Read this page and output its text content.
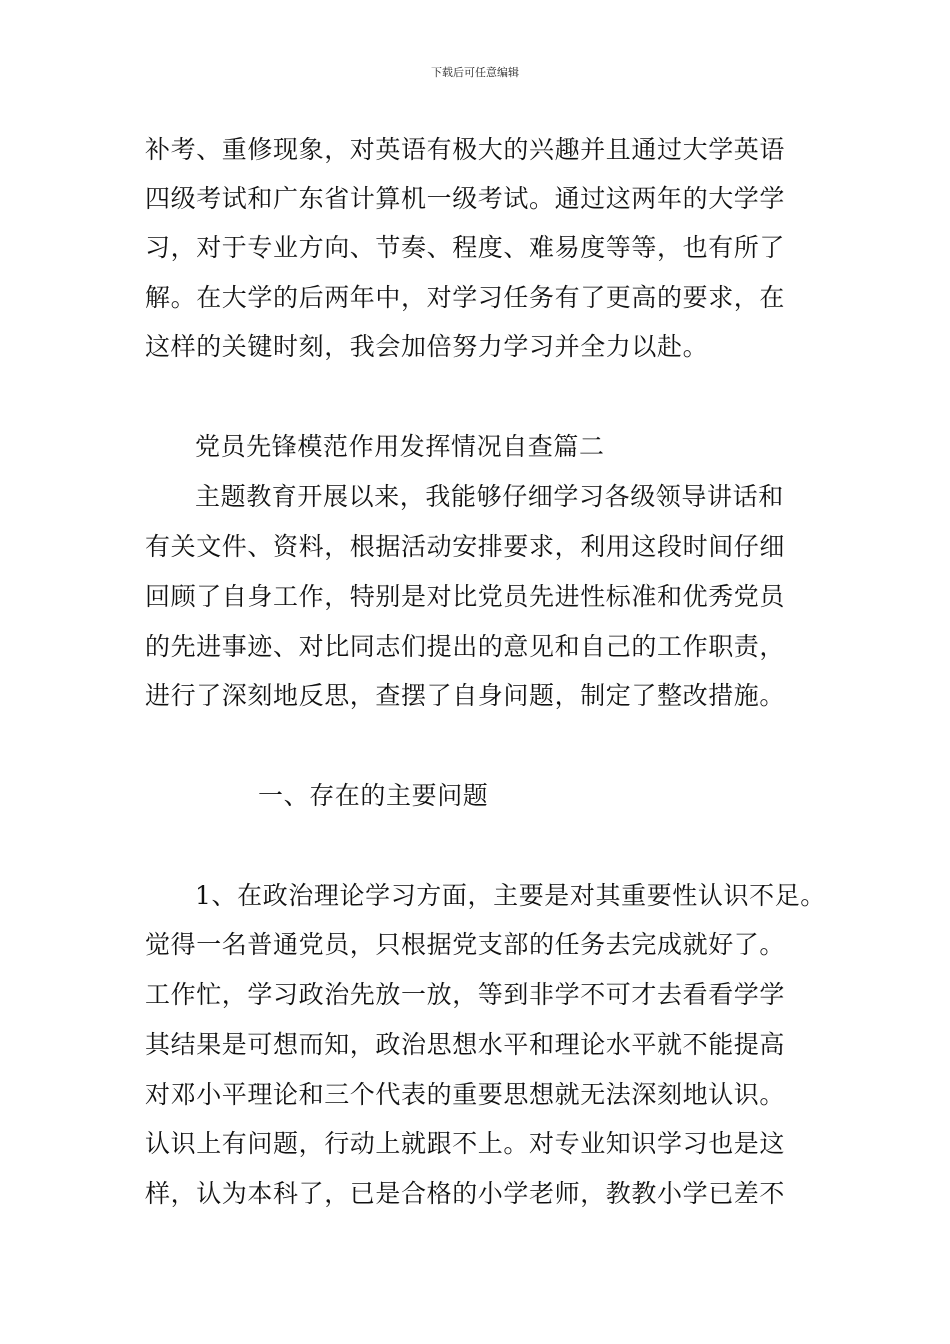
下载后可任意编辑
补考、重修现象，对英语有极大的兴趣并且通过大学英语
四级考试和广东省计算机一级考试。通过这两年的大学学
习，对于专业方向、节奏、程度、难易度等等，也有所了
解。在大学的后两年中，对学习任务有了更高的要求，在
这样的关键时刻，我会加倍努力学习并全力以赴。
党员先锋模范作用发挥情况自查篇二
主题教育开展以来，我能够仔细学习各级领导讲话和
有关文件、资料，根据活动安排要求，利用这段时间仔细
回顾了自身工作，特别是对比党员先进性标准和优秀党员
的先进事迹、对比同志们提出的意见和自己的工作职责，
进行了深刻地反思，查摆了自身问题，制定了整改措施。
一、存在的主要问题
1、在政治理论学习方面，主要是对其重要性认识不足。
觉得一名普通党员，只根据党支部的任务去完成就好了。
工作忙，学习政治先放一放，等到非学不可才去看看学学
其结果是可想而知，政治思想水平和理论水平就不能提高
对邓小平理论和三个代表的重要思想就无法深刻地认识。
认识上有问题，行动上就跟不上。对专业知识学习也是这
样，认为本科了，已是合格的小学老师，教教小学已差不
